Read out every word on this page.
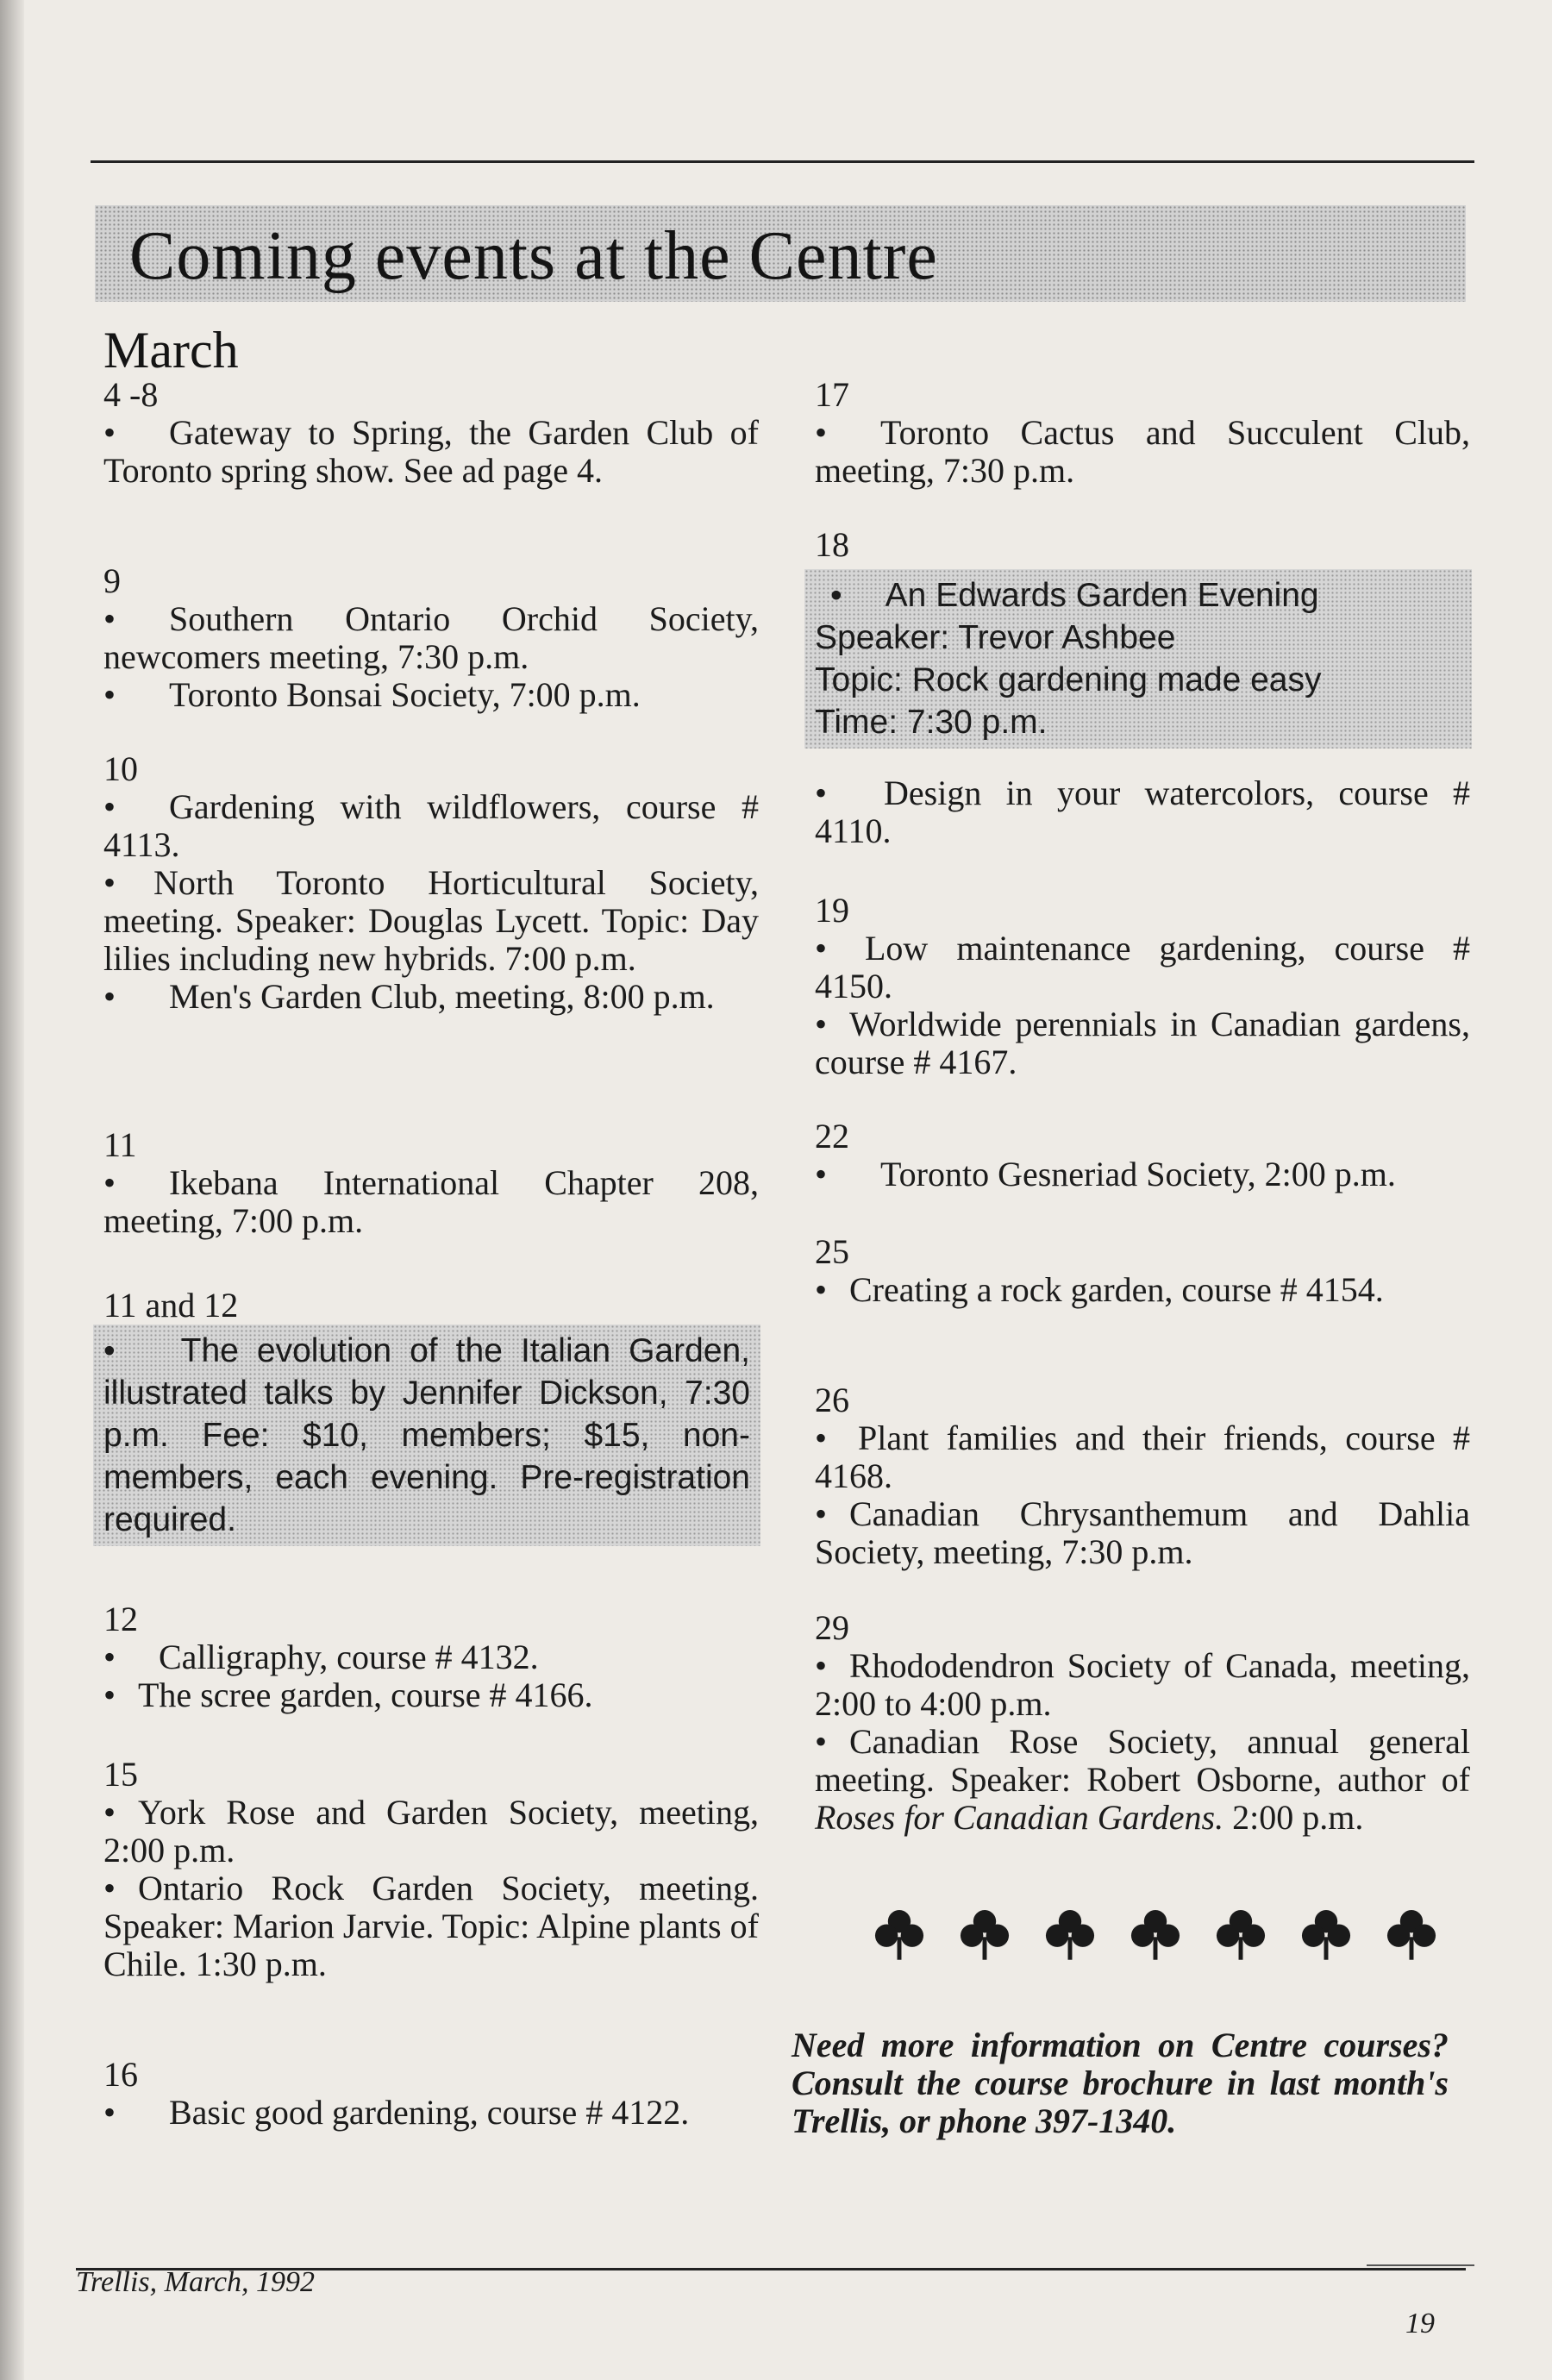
Coming events at the Centre
March
4 -8
• Gateway to Spring, the Garden Club of Toronto spring show. See ad page 4.
9
• Southern Ontario Orchid Society, newcomers meeting, 7:30 p.m.
• Toronto Bonsai Society, 7:00 p.m.
10
• Gardening with wildflowers, course # 4113.
• North Toronto Horticultural Society, meeting. Speaker: Douglas Lycett. Topic: Day lilies including new hybrids. 7:00 p.m.
• Men's Garden Club, meeting, 8:00 p.m.
11
• Ikebana International Chapter 208, meeting, 7:00 p.m.
11 and 12
• The evolution of the Italian Garden, illustrated talks by Jennifer Dickson, 7:30 p.m. Fee: $10, members; $15, non-members, each evening. Pre-registration required.
12
• Calligraphy, course # 4132.
• The scree garden, course # 4166.
15
• York Rose and Garden Society, meeting, 2:00 p.m.
• Ontario Rock Garden Society, meeting. Speaker: Marion Jarvie. Topic: Alpine plants of Chile. 1:30 p.m.
16
• Basic good gardening, course # 4122.
17
• Toronto Cactus and Succulent Club, meeting, 7:30 p.m.
18
• An Edwards Garden Evening
Speaker: Trevor Ashbee
Topic: Rock gardening made easy
Time: 7:30 p.m.
• Design in your watercolors, course # 4110.
19
• Low maintenance gardening, course # 4150.
• Worldwide perennials in Canadian gardens, course # 4167.
22
• Toronto Gesneriad Society, 2:00 p.m.
25
• Creating a rock garden, course # 4154.
26
• Plant families and their friends, course # 4168.
• Canadian Chrysanthemum and Dahlia Society, meeting, 7:30 p.m.
29
• Rhododendron Society of Canada, meeting, 2:00 to 4:00 p.m.
• Canadian Rose Society, annual general meeting. Speaker: Robert Osborne, author of Roses for Canadian Gardens. 2:00 p.m.
Need more information on Centre courses? Consult the course brochure in last month's Trellis, or phone 397-1340.
Trellis, March, 1992
19
